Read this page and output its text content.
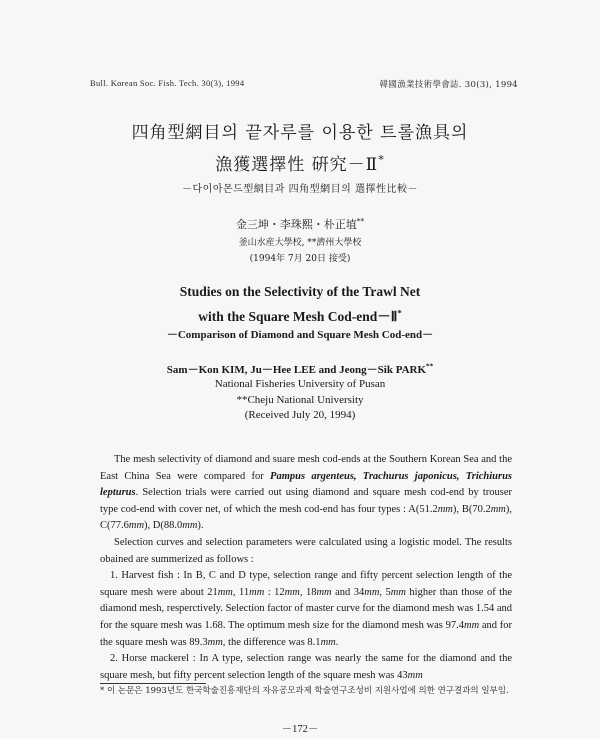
Bull. Korean Soc. Fish. Tech. 30(3), 1994	韓國漁業技術學會誌. 30(3), 1994
四角型網目의 끝자루를 이용한 트롤漁具의
漁獲選擇性 硏究－Ⅱ*
－다이아몬드型網目과 四角型網目의 選擇性比較－
金三坤・李珠熙・朴正埴**
釜山水産大學校, **濟州大學校
(1994年 7月 20日 接受)
Studies on the Selectivity of the Trawl Net
with the Square Mesh Cod-end－Ⅱ*
－Comparison of Diamond and Square Mesh Cod-end－
Sam－Kon KIM, Ju－Hee LEE and Jeong－Sik PARK**
National Fisheries University of Pusan
**Cheju National University
(Received July 20, 1994)

The mesh selectivity of diamond and suare mesh cod-ends at the Southern Korean Sea and the East China Sea were compared for Pampus argenteus, Trachurus japonicus, Trichiurus lepturus. Selection trials were carried out using diamond and square mesh cod-end by trouser type cod-end with cover net, of which the mesh cod-end has four types : A(51.2mm), B(70.2mm), C(77.6mm), D(88.0mm).

Selection curves and selection parameters were calculated using a logistic model. The results obained are summerized as follows :

1. Harvest fish : In B, C and D type, selection range and fifty percent selection length of the square mesh were about 21mm, 11mm : 12mm, 18mm and 34mm, 5mm higher than those of the diamond mesh, resperctively. Selection factor of master curve for the diamond mesh was 1.54 and for the square mesh was 1.68. The optimum mesh size for the diamond mesh was 97.4mm and for the square mesh was 89.3mm, the difference was 8.1mm.

2. Horse mackerel : In A type, selection range was nearly the same for the diamond and the square mesh, but fifty percent selection length of the square mesh was 43mm

* 이 논문은 1993년도 한국학술진흥재단의 자유공모과제 학술연구조성비 지원사업에 의한 연구결과의 일부임.
－172－
